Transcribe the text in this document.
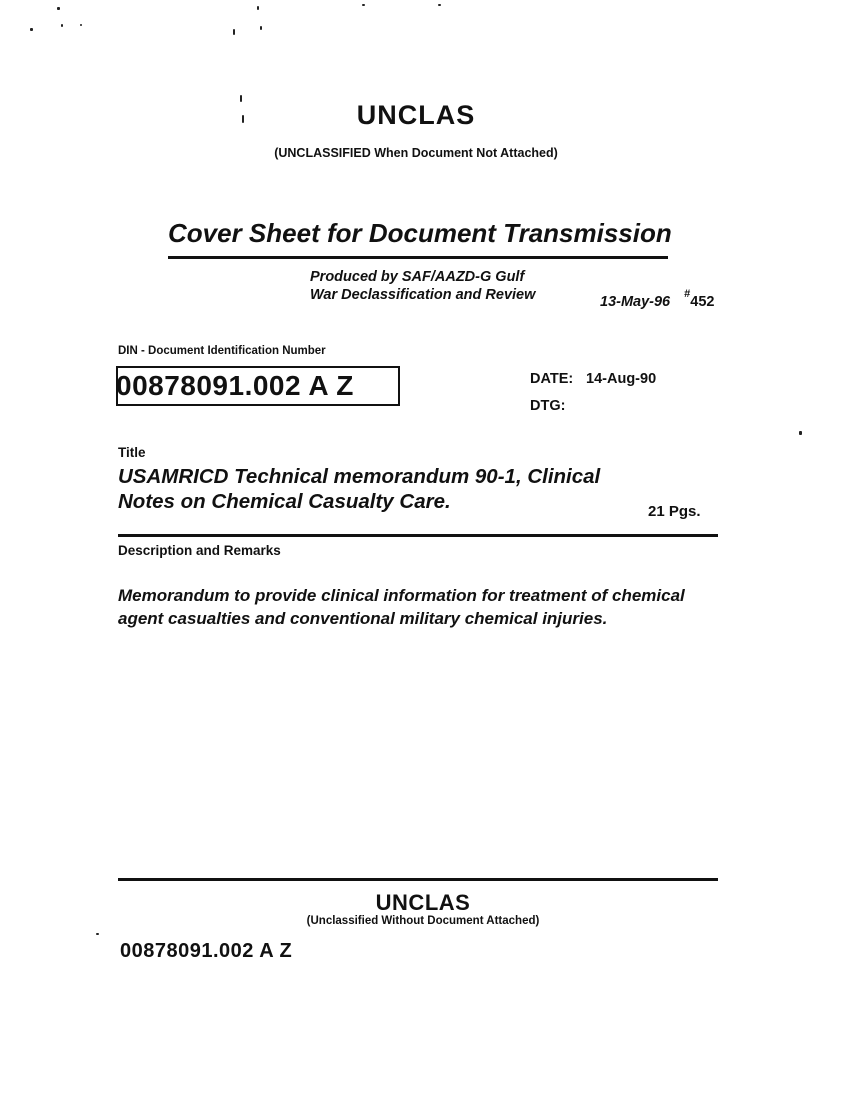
UNCLAS
(UNCLASSIFIED When Document Not Attached)
Cover Sheet for Document Transmission
Produced by SAF/AAZD-G Gulf
War Declassification and Review	13-May-96 #452
DIN - Document Identification Number
00878091.002 A Z	DATE: 14-Aug-90
DTG:
Title
USAMRICD Technical memorandum 90-1, Clinical Notes on Chemical Casualty Care.	21 Pgs.
Description and Remarks
Memorandum to provide clinical information for treatment of chemical agent casualties and conventional military chemical injuries.
UNCLAS
(Unclassified Without Document Attached)
00878091.002 A Z
